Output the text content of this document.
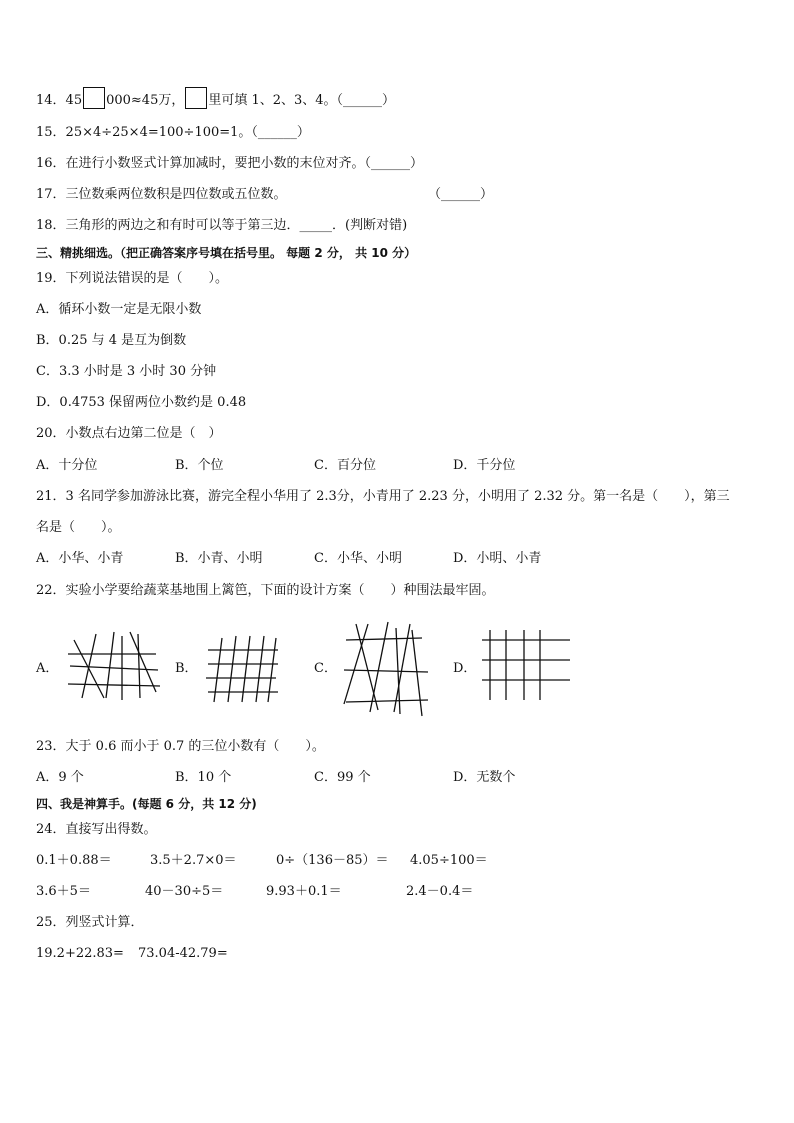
14．45 000≈45万， 里可填 1、2、3、4。（______）
15．25×4÷25×4=100÷100=1。（______）
16．在进行小数竖式计算加减时，要把小数的末位对齐。（______）
17．三位数乘两位数积是四位数或五位数。	（______）
18．三角形的两边之和有时可以等于第三边．_____．(判断对错)
三、精挑细选。（把正确答案序号填在括号里。 每题 2 分， 共 10 分）
19．下列说法错误的是（　　）。
A．循环小数一定是无限小数
B．0.25 与 4 是互为倒数
C．3.3 小时是 3 小时 30 分钟
D．0.4753 保留两位小数约是 0.48
20．小数点右边第二位是（　）
A．十分位	B．个位	C．百分位	D．千分位
21．3 名同学参加游泳比赛，游完全程小华用了 2.3分，小青用了 2.23 分，小明用了 2.32 分。第一名是（　　），第三
名是（　　）。
A．小华、小青	B．小青、小明	C．小华、小明	D．小明、小青
22．实验小学要给蔬菜基地围上篱笆，下面的设计方案（　　）种围法最牢固。
A．	B．	C．	D．
23．大于 0.6 而小于 0.7 的三位小数有（　　）。
A．9 个	B．10 个	C．99 个	D．无数个
四、我是神算手。(每题 6 分，共 12 分)
24．直接写出得数。
0.1＋0.88＝	3.5＋2.7×0＝	0÷（136－85）＝ 4.05÷100＝
3.6＋5＝	40－30÷5＝	9.93＋0.1＝	2.4－0.4＝
25．列竖式计算．
19.2+22.83= 73.04-42.79=
